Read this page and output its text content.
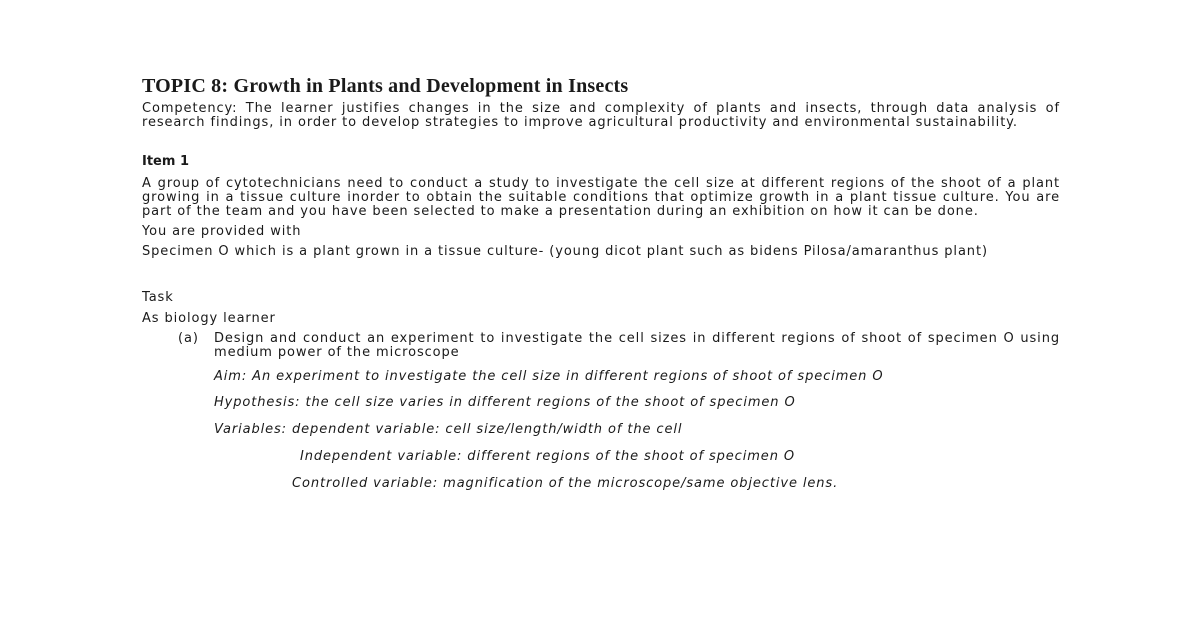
TOPIC 8: Growth in Plants and Development in Insects

Competency: The learner justifies changes in the size and complexity of plants and insects, through data analysis of research findings, in order to develop strategies to improve agricultural productivity and environmental sustainability.

Item 1

A group of cytotechnicians need to conduct a study to investigate the cell size at different regions of the shoot of a plant growing in a tissue culture inorder to obtain the suitable conditions that optimize growth in a plant tissue culture. You are part of the team and you have been selected to make a presentation during an exhibition on how it can be done.

You are provided with

Specimen O which is a plant grown in a tissue culture- (young dicot plant such as bidens Pilosa/amaranthus plant)

Task

As biology learner

(a) Design and conduct an experiment to investigate the cell sizes in different regions of shoot of specimen O using medium power of the microscope

Aim: An experiment to investigate the cell size in different regions of shoot of specimen O

Hypothesis: the cell size varies in different regions of the shoot of specimen O

Variables: dependent variable: cell size/length/width of the cell

Independent variable: different regions of the shoot of specimen O

Controlled variable: magnification of the microscope/same objective lens.
